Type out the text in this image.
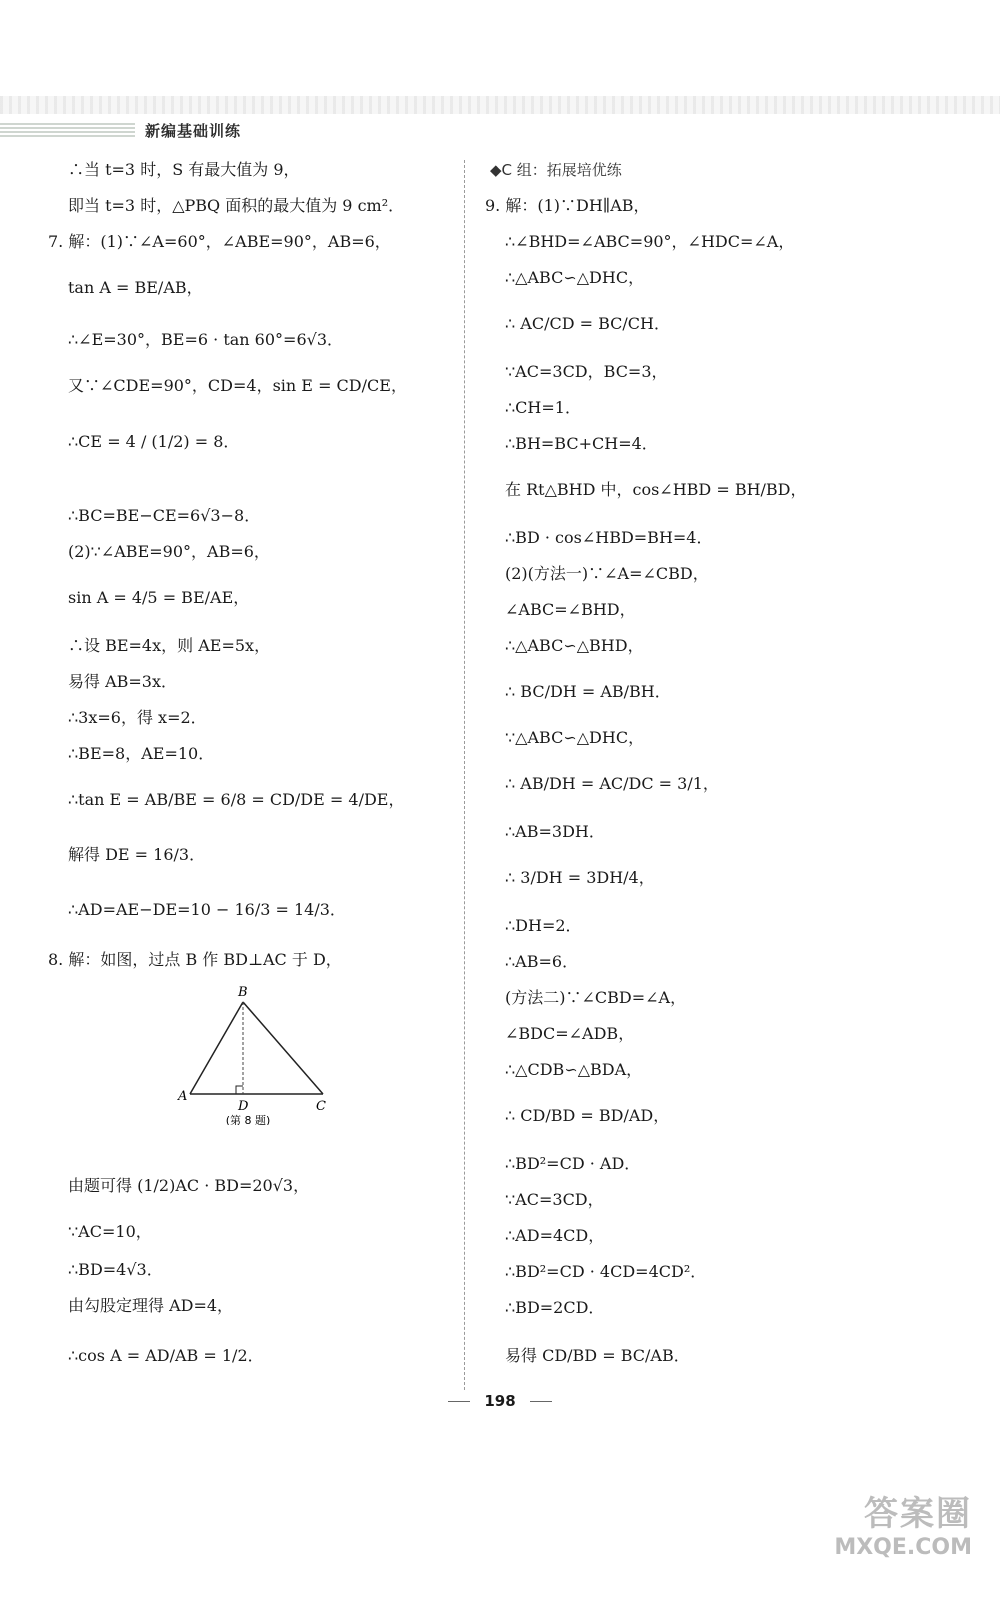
新编基础训练
∴当 t=3 时，S 有最大值为 9，
即当 t=3 时，△PBQ 面积的最大值为 9 cm²．
7. 解：(1)∵∠A=60°，∠ABE=90°，AB=6，
tan A = BE/AB，
∴∠E=30°，BE=6 · tan 60°=6√3．
又∵∠CDE=90°，CD=4，sin E = CD/CE，
∴CE = 4 / (1/2) = 8．
∴BC=BE−CE=6√3−8．
(2)∵∠ABE=90°，AB=6，
sin A = 4/5 = BE/AE，
∴设 BE=4x，则 AE=5x，
易得 AB=3x．
∴3x=6，得 x=2．
∴BE=8，AE=10．
∴tan E = AB/BE = 6/8 = CD/DE = 4/DE，
解得 DE = 16/3．
∴AD=AE−DE=10 − 16/3 = 14/3．
8. 解：如图，过点 B 作 BD⊥AC 于 D，
A
B
C
D
(第 8 题)
由题可得 (1/2)AC · BD=20√3，
∵AC=10，
∴BD=4√3．
由勾股定理得 AD=4，
∴cos A = AD/AB = 1/2．
◆C 组：拓展培优练
9. 解：(1)∵DH∥AB，
∴∠BHD=∠ABC=90°，∠HDC=∠A，
∴△ABC∽△DHC，
∴ AC/CD = BC/CH．
∵AC=3CD，BC=3，
∴CH=1．
∴BH=BC+CH=4．
在 Rt△BHD 中，cos∠HBD = BH/BD，
∴BD · cos∠HBD=BH=4．
(2)(方法一)∵∠A=∠CBD，
∠ABC=∠BHD，
∴△ABC∽△BHD，
∴ BC/DH = AB/BH．
∵△ABC∽△DHC，
∴ AB/DH = AC/DC = 3/1，
∴AB=3DH．
∴ 3/DH = 3DH/4，
∴DH=2．
∴AB=6．
(方法二)∵∠CBD=∠A，
∠BDC=∠ADB，
∴△CDB∽△BDA，
∴ CD/BD = BD/AD，
∴BD²=CD · AD．
∵AC=3CD，
∴AD=4CD，
∴BD²=CD · 4CD=4CD²．
∴BD=2CD．
易得 CD/BD = BC/AB．
198
答案圈
MXQE.COM
